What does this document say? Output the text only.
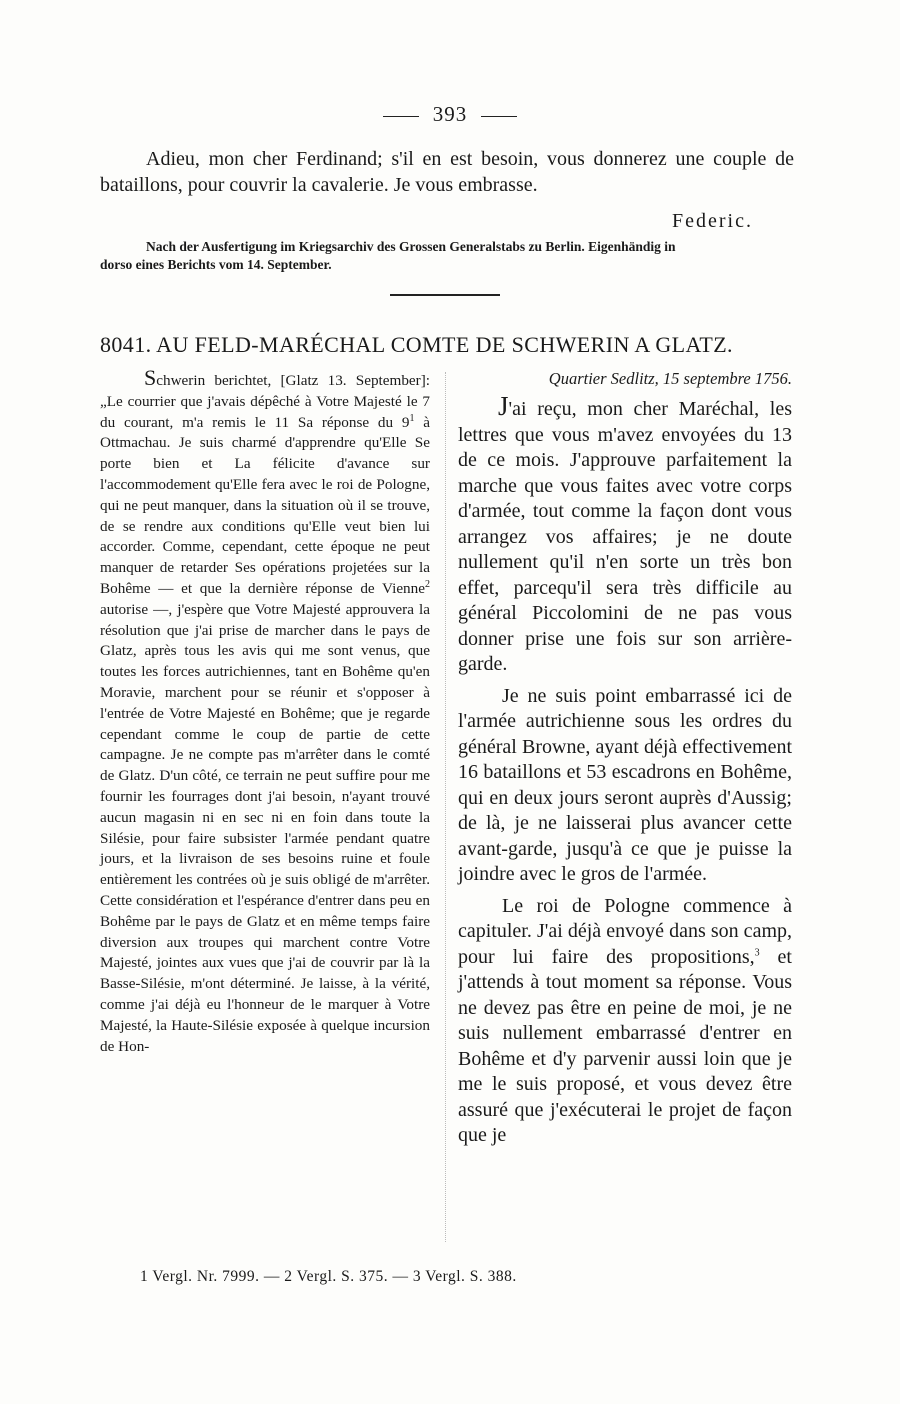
393

Adieu, mon cher Ferdinand; s'il en est besoin, vous donnerez une couple de bataillons, pour couvrir la cavalerie. Je vous embrasse.

Federic.
Nach der Ausfertigung im Kriegsarchiv des Grossen Generalstabs zu Berlin. Eigenhändig in
dorso eines Berichts vom 14. September.
8041. AU FELD-MARÉCHAL COMTE DE SCHWERIN A GLATZ.

Schwerin berichtet, [Glatz 13. September]: „Le courrier que j'avais dépêché à Votre Majesté le 7 du courant, m'a remis le 11 Sa réponse du $9^1$ à Ottmachau. Je suis charmé d'apprendre qu'Elle Se porte bien et La félicite d'avance sur l'accommodement qu'Elle fera avec le roi de Pologne, qui ne peut manquer, dans la situation où il se trouve, de se rendre aux conditions qu'Elle veut bien lui accorder. Comme, cependant, cette époque ne peut manquer de retarder Ses opérations projetées sur la Bohême — et que la dernière réponse de Vienne$^2$ autorise —, j'espère que Votre Majesté approuvera la résolution que j'ai prise de marcher dans le pays de Glatz, après tous les avis qui me sont venus, que toutes les forces autrichiennes, tant en Bohême qu'en Moravie, marchent pour se réunir et s'opposer à l'entrée de Votre Majesté en Bohême; que je regarde cependant comme le coup de partie de cette campagne. Je ne compte pas m'arrêter dans le comté de Glatz. D'un côté, ce terrain ne peut suffire pour me fournir les fourrages dont j'ai besoin, n'ayant trouvé aucun magasin ni en sec ni en foin dans toute la Silésie, pour faire subsister l'armée pendant quatre jours, et la livraison de ses besoins ruine et foule entièrement les contrées où je suis obligé de m'arrêter. Cette considération et l'espérance d'entrer dans peu en Bohême par le pays de Glatz et en même temps faire diversion aux troupes qui marchent contre Votre Majesté, jointes aux vues que j'ai de couvrir par là la Basse-Silésie, m'ont déterminé. Je laisse, à la vérité, comme j'ai déjà eu l'honneur de le marquer à Votre Majesté, la Haute-Silésie exposée à quelque incursion de Hon-

Quartier Sedlitz, 15 septembre 1756.

J'ai reçu, mon cher Maréchal, les lettres que vous m'avez envoyées du 13 de ce mois. J'approuve parfaitement la marche que vous faites avec votre corps d'armée, tout comme la façon dont vous arrangez vos affaires; je ne doute nullement qu'il n'en sorte un très bon effet, parcequ'il sera très difficile au général Piccolomini de ne pas vous donner prise une fois sur son arrière-garde.

Je ne suis point embarrassé ici de l'armée autrichienne sous les ordres du général Browne, ayant déjà effectivement 16 bataillons et 53 escadrons en Bohême, qui en deux jours seront auprès d'Aussig; de là, je ne laisserai plus avancer cette avant-garde, jusqu'à ce que je puisse la joindre avec le gros de l'armée.

Le roi de Pologne commence à capituler. J'ai déjà envoyé dans son camp, pour lui faire des propositions,$^3$ et j'attends à tout moment sa réponse. Vous ne devez pas être en peine de moi, je ne suis nullement embarrassé d'entrer en Bohême et d'y parvenir aussi loin que je me le suis proposé, et vous devez être assuré que j'exécuterai le projet de façon que je

1 Vergl. Nr. 7999. — 2 Vergl. S. 375. — 3 Vergl. S. 388.
